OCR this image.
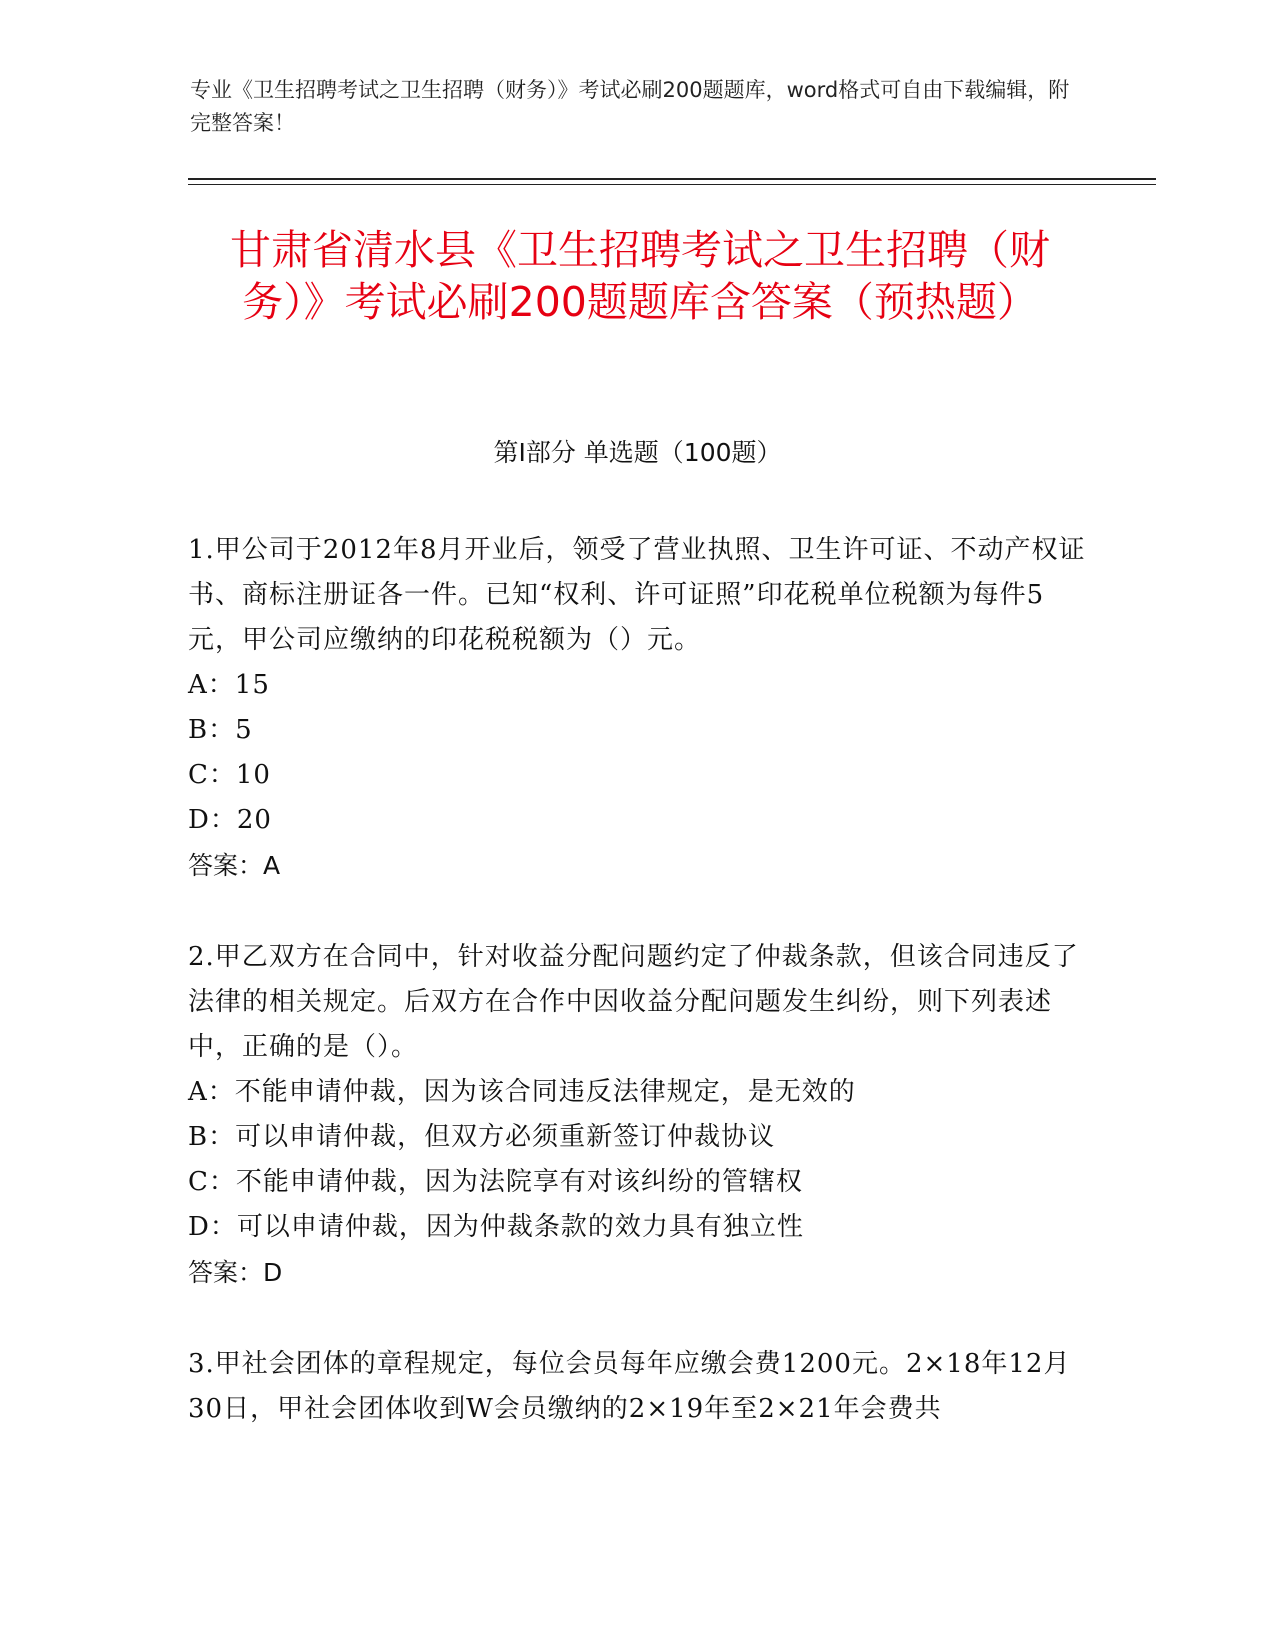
专业《卫生招聘考试之卫生招聘（财务）》考试必刷200题题库，word格式可自由下载编辑，附完整答案！
甘肃省清水县《卫生招聘考试之卫生招聘（财务）》考试必刷200题题库含答案（预热题）
第Ⅰ部分 单选题（100题）
1.甲公司于2012年8月开业后，领受了营业执照、卫生许可证、不动产权证书、商标注册证各一件。已知“权利、许可证照”印花税单位税额为每件5元，甲公司应缴纳的印花税税额为（）元。
A：15
B：5
C：10
D：20
答案：A
2.甲乙双方在合同中，针对收益分配问题约定了仲裁条款，但该合同违反了法律的相关规定。后双方在合作中因收益分配问题发生纠纷，则下列表述中，正确的是（）。
A：不能申请仲裁，因为该合同违反法律规定，是无效的
B：可以申请仲裁，但双方必须重新签订仲裁协议
C：不能申请仲裁，因为法院享有对该纠纷的管辖权
D：可以申请仲裁，因为仲裁条款的效力具有独立性
答案：D
3.甲社会团体的章程规定，每位会员每年应缴会费1200元。2×18年12月30日，甲社会团体收到W会员缴纳的2×19年至2×21年会费共
